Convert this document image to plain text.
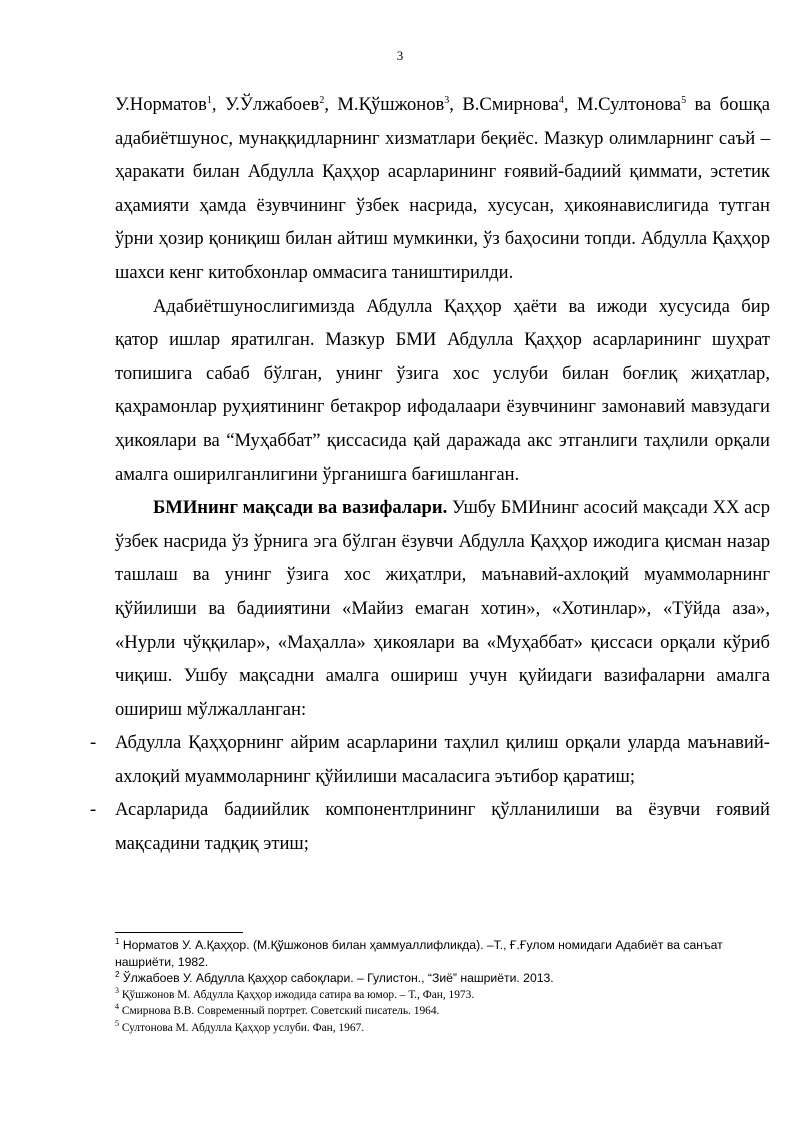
3

У.Норматов$^1$, У.Ўлжабоев$^2$, М.Қўшжонов$^3$, В.Смирнова$^4$, М.Султонова$^5$ ва бошқа адабиётшунос, мунаққидларнинг хизматлари беқиёс. Мазкур олимларнинг саъй – ҳаракати билан Абдулла Қаҳҳор асарларининг ғоявий-бадиий қиммати, эстетик аҳамияти ҳамда ёзувчининг ўзбек насрида, хусусан, ҳикоянавислигида тутган ўрни ҳозир қониқиш билан айтиш мумкинки, ўз баҳосини топди. Абдулла Қаҳҳор шахси кенг китобхонлар оммасига таништирилди.

Адабиётшунослигимизда Абдулла Қаҳҳор ҳаёти ва ижоди хусусида бир қатор ишлар яратилган. Мазкур БМИ Абдулла Қаҳҳор асарларининг шуҳрат топишига сабаб бўлган, унинг ўзига хос услуби билан боғлиқ жиҳатлар, қаҳрамонлар руҳиятининг бетакрор ифодалаари ёзувчининг замонавий мавзудаги ҳикоялари ва “Муҳаббат” қиссасида қай даражада акс этганлиги таҳлили орқали амалга оширилганлигини ўрганишга бағишланган.

БМИнинг мақсади ва вазифалари. Ушбу БМИнинг асосий мақсади ХХ аср ўзбек насрида ўз ўрнига эга бўлган ёзувчи Абдулла Қаҳҳор ижодига қисман назар ташлаш ва унинг ўзига хос жиҳатлри, маънавий-ахлоқий муаммоларнинг қўйилиши ва бадииятини «Майиз емаган хотин», «Хотинлар», «Тўйда аза», «Нурли чўққилар», «Маҳалла» ҳикоялари ва «Муҳаббат» қиссаси орқали кўриб чиқиш. Ушбу мақсадни амалга ошириш учун қуйидаги вазифаларни амалга ошириш мўлжалланган:

- Абдулла Қаҳҳорнинг айрим асарларини таҳлил қилиш орқали уларда маънавий-ахлоқий муаммоларнинг қўйилиши масаласига эътибор қаратиш;

- Асарларида бадиийлик компонентлрининг қўлланилиши ва ёзувчи ғоявий мақсадини тадқиқ этиш;

$^1$ Норматов У. А.Қаҳҳор. (М.Қўшжонов билан ҳаммуаллифликда). –Т., Ғ.Ғулом номидаги Адабиёт ва санъат нашриёти, 1982.

$^2$ Ўлжабоев У. Абдулла Қаҳҳор сабоқлари. – Гулистон., “Зиё” нашриёти. 2013.

$^3$ Қўшжонов М. Абдулла Қаҳҳор ижодида сатира ва юмор. – Т., Фан, 1973.

$^4$ Смирнова В.В. Современный портрет. Советский писатель. 1964.

$^5$ Султонова М. Абдулла Қаҳҳор услуби. Фан, 1967.
